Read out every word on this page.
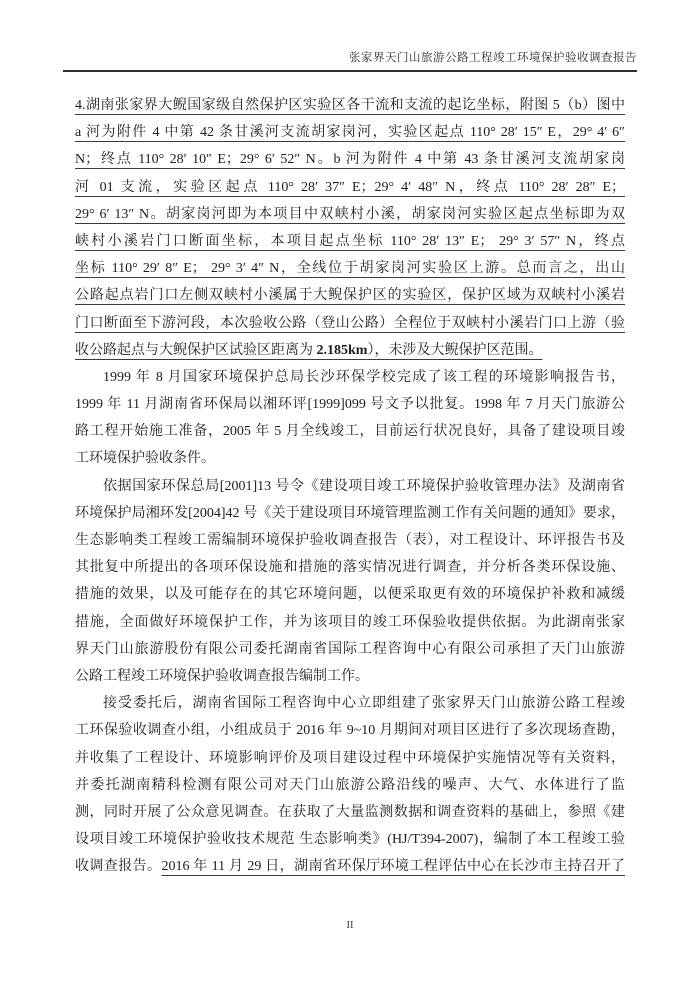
张家界天门山旅游公路工程竣工环境保护验收调查报告
4.湖南张家界大鲵国家级自然保护区实验区各干流和支流的起讫坐标，附图 5（b）图中
a 河为附件 4 中第 42 条甘溪河支流胡家岗河，实验区起点 110° 28′ 15″ E，29° 4′ 6″
N；终点 110° 28′ 10″ E；29° 6′ 52″ N。b 河为附件 4 中第 43 条甘溪河支流胡家岗
河 01 支流，实验区起点 110° 28′ 37″ E；29° 4′ 48″ N，终点 110° 28′ 28″ E；
29° 6′ 13″ N。胡家岗河即为本项目中双峡村小溪，胡家岗河实验区起点坐标即为双
峡村小溪岩门口断面坐标，本项目起点坐标 110° 28′ 13″ E； 29° 3′ 57″ N，终点
坐标 110° 29′ 8″ E； 29° 3′ 4″ N，全线位于胡家岗河实验区上游。总而言之，出山
公路起点岩门口左侧双峡村小溪属于大鲵保护区的实验区，保护区域为双峡村小溪岩
门口断面至下游河段，本次验收公路（登山公路）全程位于双峡村小溪岩门口上游（验
收公路起点与大鲵保护区试验区距离为 2.185km），未涉及大鲵保护区范围。
1999 年 8 月国家环境保护总局长沙环保学校完成了该工程的环境影响报告书，
1999 年 11 月湖南省环保局以湘环评[1999]099 号文予以批复。1998 年 7 月天门旅游公
路工程开始施工准备，2005 年 5 月全线竣工，目前运行状况良好，具备了建设项目竣
工环境保护验收条件。
依据国家环保总局[2001]13 号令《建设项目竣工环境保护验收管理办法》及湖南省
环境保护局湘环发[2004]42 号《关于建设项目环境管理监测工作有关问题的通知》要求，
生态影响类工程竣工需编制环境保护验收调查报告（表），对工程设计、环评报告书及
其批复中所提出的各项环保设施和措施的落实情况进行调查，并分析各类环保设施、
措施的效果，以及可能存在的其它环境问题，以便采取更有效的环境保护补救和减缓
措施，全面做好环境保护工作，并为该项目的竣工环保验收提供依据。为此湖南张家
界天门山旅游股份有限公司委托湖南省国际工程咨询中心有限公司承担了天门山旅游
公路工程竣工环境保护验收调查报告编制工作。
接受委托后，湖南省国际工程咨询中心立即组建了张家界天门山旅游公路工程竣
工环保验收调查小组，小组成员于 2016 年 9~10 月期间对项目区进行了多次现场查勘，
并收集了工程设计、环境影响评价及项目建设过程中环境保护实施情况等有关资料，
并委托湖南精科检测有限公司对天门山旅游公路沿线的噪声、大气、水体进行了监
测，同时开展了公众意见调查。在获取了大量监测数据和调查资料的基础上，参照《建
设项目竣工环境保护验收技术规范 生态影响类》(HJ/T394-2007)，编制了本工程竣工验
收调查报告。2016 年 11 月 29 日，湖南省环保厅环境工程评估中心在长沙市主持召开了
II
